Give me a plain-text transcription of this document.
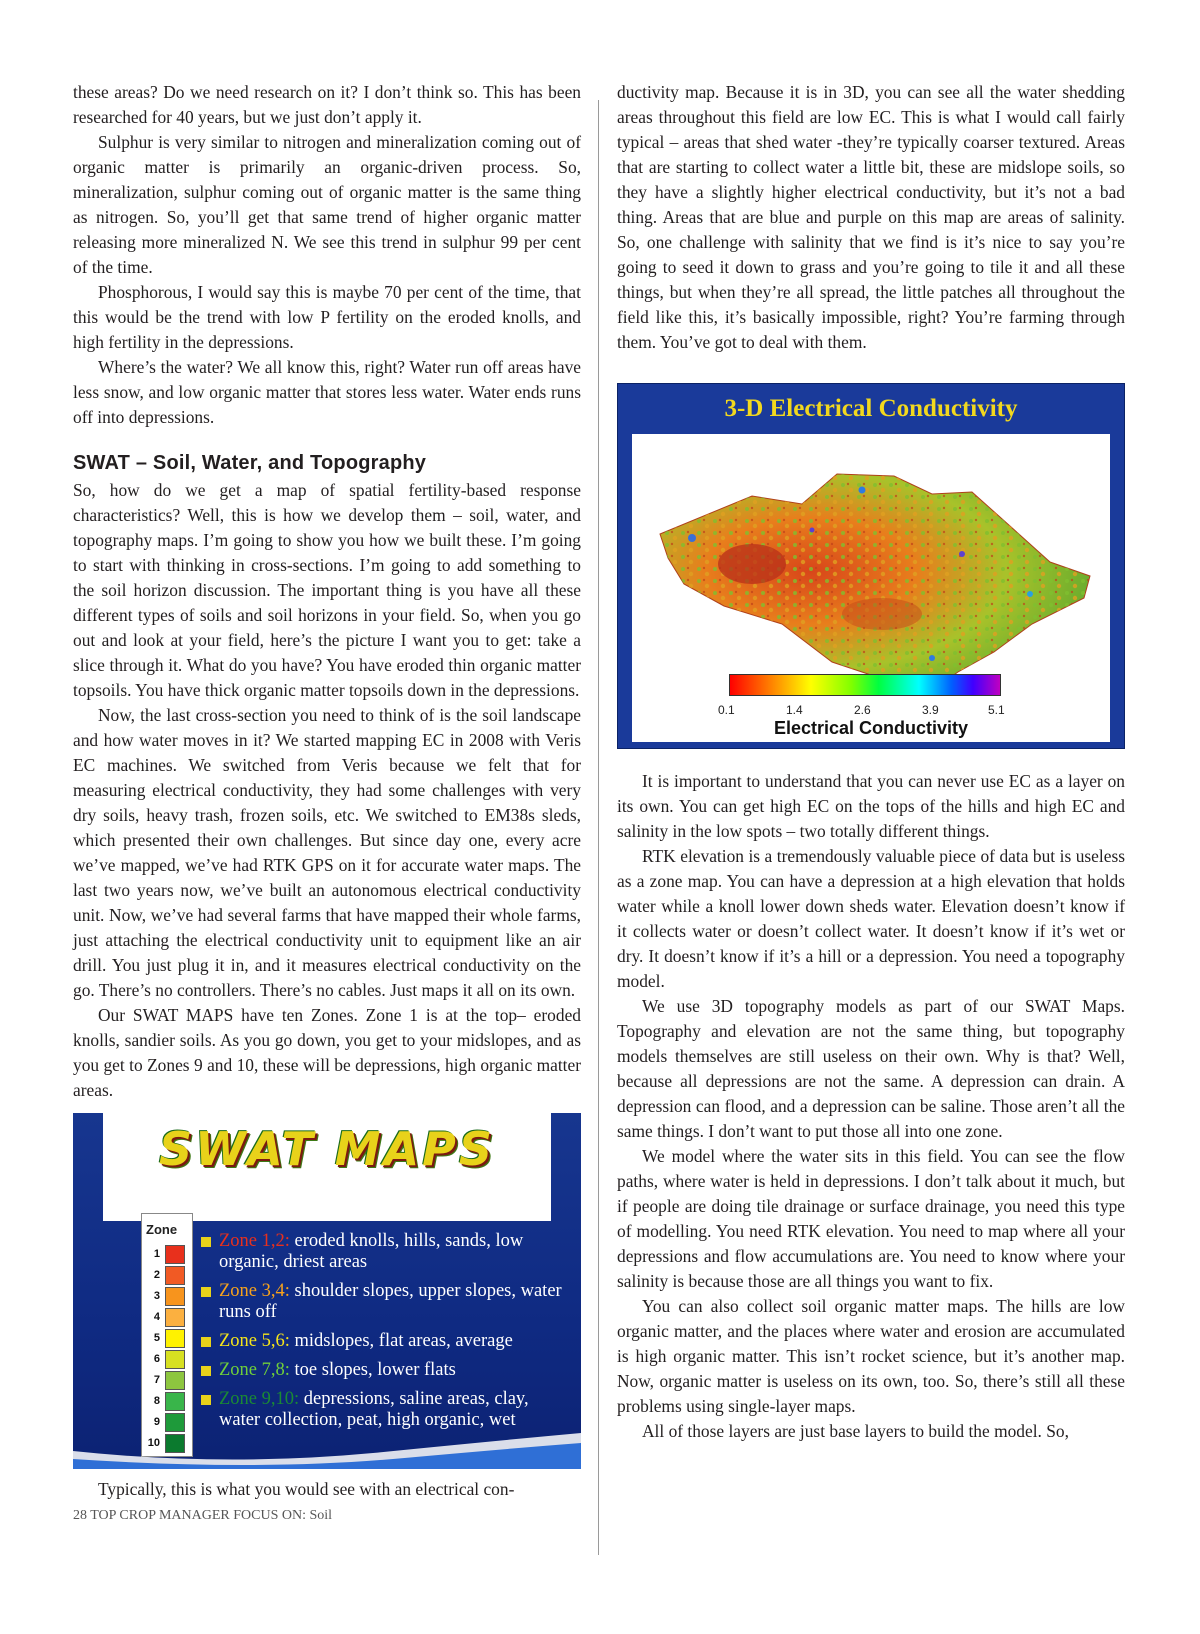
these areas? Do we need research on it? I don’t think so. This has been researched for 40 years, but we just don’t apply it.

Sulphur is very similar to nitrogen and mineralization coming out of organic matter is primarily an organic-driven process. So, mineralization, sulphur coming out of organic matter is the same thing as nitrogen. So, you’ll get that same trend of higher organic matter releasing more mineralized N. We see this trend in sulphur 99 per cent of the time.

Phosphorous, I would say this is maybe 70 per cent of the time, that this would be the trend with low P fertility on the eroded knolls, and high fertility in the depressions.

Where’s the water? We all know this, right? Water run off areas have less snow, and low organic matter that stores less water. Water ends runs off into depressions.

SWAT – Soil, Water, and Topography

So, how do we get a map of spatial fertility-based response characteristics? Well, this is how we develop them – soil, water, and topography maps. I’m going to show you how we built these. I’m going to start with thinking in cross-sections. I’m going to add something to the soil horizon discussion. The important thing is you have all these different types of soils and soil horizons in your field. So, when you go out and look at your field, here’s the picture I want you to get: take a slice through it. What do you have? You have eroded thin organic matter topsoils. You have thick organic matter topsoils down in the depressions.

Now, the last cross-section you need to think of is the soil landscape and how water moves in it? We started mapping EC in 2008 with Veris EC machines. We switched from Veris because we felt that for measuring electrical conductivity, they had some challenges with very dry soils, heavy trash, frozen soils, etc. We switched to EM38s sleds, which presented their own challenges. But since day one, every acre we’ve mapped, we’ve had RTK GPS on it for accurate water maps. The last two years now, we’ve built an autonomous electrical conductivity unit. Now, we’ve had several farms that have mapped their whole farms, just attaching the electrical conductivity unit to equipment like an air drill. You just plug it in, and it measures electrical conductivity on the go. There’s no controllers. There’s no cables. Just maps it all on its own.

Our SWAT MAPS have ten Zones. Zone 1 is at the top– eroded knolls, sandier soils. As you go down, you get to your midslopes, and as you get to Zones 9 and 10, these will be depressions, high organic matter areas.

SWAT MAPS
Zone
1
2
3
4
5
6
7
8
9
10
Zone 1,2: eroded knolls, hills, sands, low organic, driest areas
Zone 3,4: shoulder slopes, upper slopes, water runs off
Zone 5,6: midslopes, flat areas, average
Zone 7,8: toe slopes, lower flats
Zone 9,10: depressions, saline areas, clay, water collection, peat, high organic, wet

Typically, this is what you would see with an electrical con-

ductivity map. Because it is in 3D, you can see all the water shedding areas throughout this field are low EC. This is what I would call fairly typical – areas that shed water -they’re typically coarser textured. Areas that are starting to collect water a little bit, these are midslope soils, so they have a slightly higher electrical conductivity, but it’s not a bad thing. Areas that are blue and purple on this map are areas of salinity. So, one challenge with salinity that we find is it’s nice to say you’re going to seed it down to grass and you’re going to tile it and all these things, but when they’re all spread, the little patches all throughout the field like this, it’s basically impossible, right? You’re farming through them. You’ve got to deal with them.

3-D Electrical Conductivity
0.1	1.4	2.6	3.9	5.1
Electrical Conductivity

It is important to understand that you can never use EC as a layer on its own. You can get high EC on the tops of the hills and high EC and salinity in the low spots – two totally different things.

RTK elevation is a tremendously valuable piece of data but is useless as a zone map. You can have a depression at a high elevation that holds water while a knoll lower down sheds water. Elevation doesn’t know if it collects water or doesn’t collect water. It doesn’t know if it’s wet or dry. It doesn’t know if it’s a hill or a depression. You need a topography model.

We use 3D topography models as part of our SWAT Maps. Topography and elevation are not the same thing, but topography models themselves are still useless on their own. Why is that? Well, because all depressions are not the same. A depression can drain. A depression can flood, and a depression can be saline. Those aren’t all the same things. I don’t want to put those all into one zone.

We model where the water sits in this field. You can see the flow paths, where water is held in depressions. I don’t talk about it much, but if people are doing tile drainage or surface drainage, you need this type of modelling. You need RTK elevation. You need to map where all your depressions and flow accumulations are. You need to know where your salinity is because those are all things you want to fix.

You can also collect soil organic matter maps. The hills are low organic matter, and the places where water and erosion are accumulated is high organic matter. This isn’t rocket science, but it’s another map. Now, organic matter is useless on its own, too. So, there’s still all these problems using single-layer maps.

All of those layers are just base layers to build the model. So,

28 TOP CROP MANAGER FOCUS ON: Soil
